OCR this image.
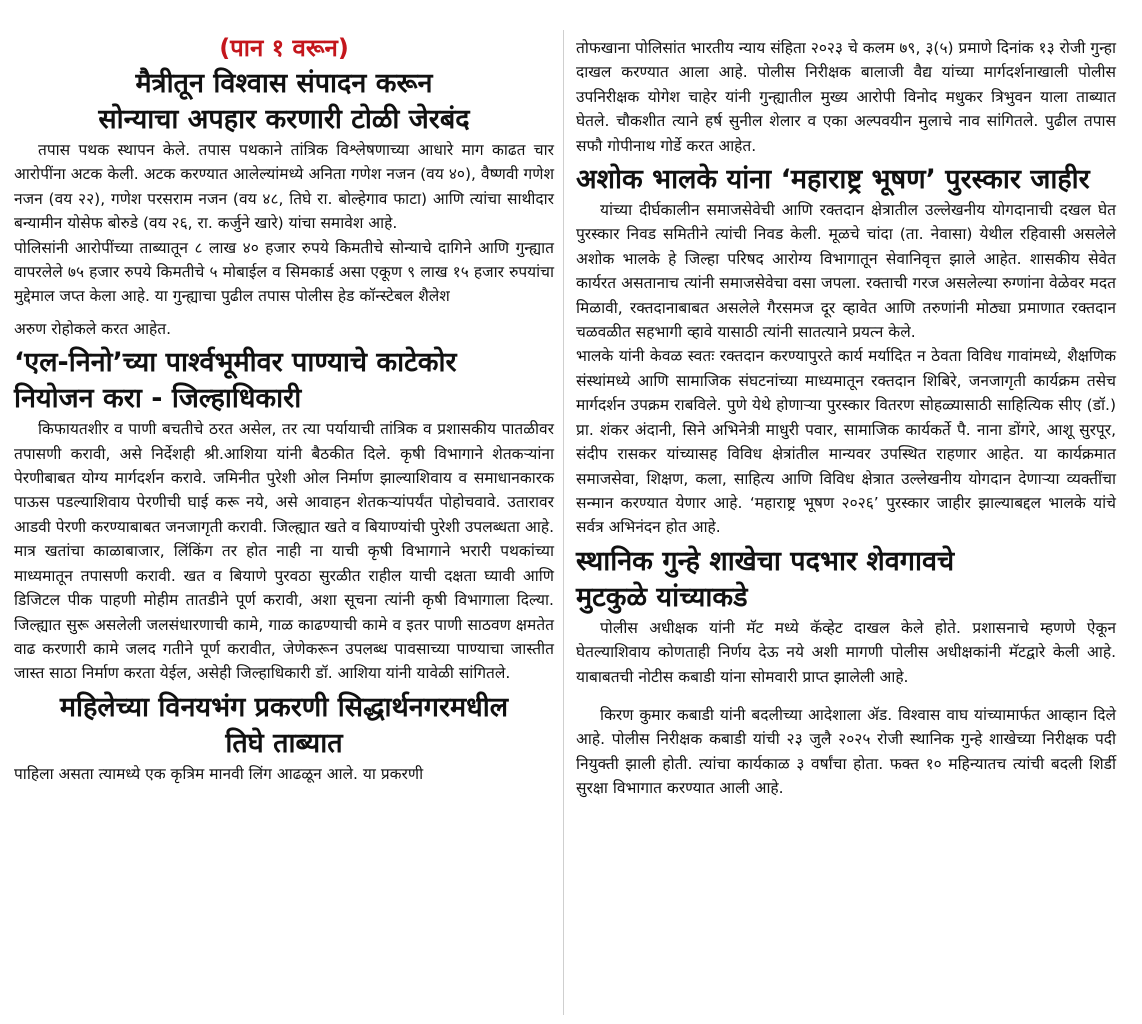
(पान १ वरून)

मैत्रीतून विश्वास संपादन करून
सोन्याचा अपहार करणारी टोळी जेरबंद

तपास पथक स्थापन केले. तपास पथकाने तांत्रिक विश्लेषणाच्या आधारे माग काढत चार आरोपींना अटक केली. अटक करण्यात आलेल्यांमध्ये अनिता गणेश नजन (वय ४०), वैष्णवी गणेश नजन (वय २२), गणेश परसराम नजन (वय ४८, तिघे रा. बोल्हेगाव फाटा) आणि त्यांचा साथीदार बन्यामीन योसेफ बोरुडे (वय २६, रा. कर्जुने खारे) यांचा समावेश आहे.

पोलिसांनी आरोपींच्या ताब्यातून ८ लाख ४० हजार रुपये किमतीचे सोन्याचे दागिने आणि गुन्ह्यात वापरलेले ७५ हजार रुपये किमतीचे ५ मोबाईल व सिमकार्ड असा एकूण ९ लाख १५ हजार रुपयांचा मुद्देमाल जप्त केला आहे. या गुन्ह्याचा पुढील तपास पोलीस हेड कॉन्स्टेबल शैलेश

अरुण रोहोकले करत आहेत.

‘एल-निनो’च्या पार्श्वभूमीवर पाण्याचे काटेकोर
नियोजन करा - जिल्हाधिकारी

किफायतशीर व पाणी बचतीचे ठरत असेल, तर त्या पर्यायाची तांत्रिक व प्रशासकीय पातळीवर तपासणी करावी, असे निर्देशही श्री.आशिया यांनी बैठकीत दिले. कृषी विभागाने शेतकऱ्यांना पेरणीबाबत योग्य मार्गदर्शन करावे. जमिनीत पुरेशी ओल निर्माण झाल्याशिवाय व समाधानकारक पाऊस पडल्याशिवाय पेरणीची घाई करू नये, असे आवाहन शेतकऱ्यांपर्यंत पोहोचवावे. उतारावर आडवी पेरणी करण्याबाबत जनजागृती करावी. जिल्ह्यात खते व बियाण्यांची पुरेशी उपलब्धता आहे. मात्र खतांचा काळाबाजार, लिंकिंग तर होत नाही ना याची कृषी विभागाने भरारी पथकांच्या माध्यमातून तपासणी करावी. खत व बियाणे पुरवठा सुरळीत राहील याची दक्षता घ्यावी आणि डिजिटल पीक पाहणी मोहीम तातडीने पूर्ण करावी, अशा सूचना त्यांनी कृषी विभागाला दिल्या. जिल्ह्यात सुरू असलेली जलसंधारणाची कामे, गाळ काढण्याची कामे व इतर पाणी साठवण क्षमतेत वाढ करणारी कामे जलद गतीने पूर्ण करावीत, जेणेकरून उपलब्ध पावसाच्या पाण्याचा जास्तीत जास्त साठा निर्माण करता येईल, असेही जिल्हाधिकारी डॉ. आशिया यांनी यावेळी सांगितले.

महिलेच्या विनयभंग प्रकरणी सिद्धार्थनगरमधील
तिघे ताब्यात

पाहिला असता त्यामध्ये एक कृत्रिम मानवी लिंग आढळून आले. या प्रकरणी

तोफखाना पोलिसांत भारतीय न्याय संहिता २०२३ चे कलम ७९, ३(५) प्रमाणे दिनांक १३ रोजी गुन्हा दाखल करण्यात आला आहे. पोलीस निरीक्षक बालाजी वैद्य यांच्या मार्गदर्शनाखाली पोलीस उपनिरीक्षक योगेश चाहेर यांनी गुन्ह्यातील मुख्य आरोपी विनोद मधुकर त्रिभुवन याला ताब्यात घेतले. चौकशीत त्याने हर्ष सुनील शेलार व एका अल्पवयीन मुलाचे नाव सांगितले. पुढील तपास सफौ गोपीनाथ गोर्डे करत आहेत.

अशोक भालके यांना ‘महाराष्ट्र भूषण’ पुरस्कार जाहीर

यांच्या दीर्घकालीन समाजसेवेची आणि रक्तदान क्षेत्रातील उल्लेखनीय योगदानाची दखल घेत पुरस्कार निवड समितीने त्यांची निवड केली. मूळचे चांदा (ता. नेवासा) येथील रहिवासी असलेले अशोक भालके हे जिल्हा परिषद आरोग्य विभागातून सेवानिवृत्त झाले आहेत. शासकीय सेवेत कार्यरत असतानाच त्यांनी समाजसेवेचा वसा जपला. रक्ताची गरज असलेल्या रुग्णांना वेळेवर मदत मिळावी, रक्तदानाबाबत असलेले गैरसमज दूर व्हावेत आणि तरुणांनी मोठ्या प्रमाणात रक्तदान चळवळीत सहभागी व्हावे यासाठी त्यांनी सातत्याने प्रयत्न केले.

भालके यांनी केवळ स्वतः रक्तदान करण्यापुरते कार्य मर्यादित न ठेवता विविध गावांमध्ये, शैक्षणिक संस्थांमध्ये आणि सामाजिक संघटनांच्या माध्यमातून रक्तदान शिबिरे, जनजागृती कार्यक्रम तसेच मार्गदर्शन उपक्रम राबविले. पुणे येथे होणाऱ्या पुरस्कार वितरण सोहळ्यासाठी साहित्यिक सीए (डॉ.) प्रा. शंकर अंदानी, सिने अभिनेत्री माधुरी पवार, सामाजिक कार्यकर्ते पै. नाना डोंगरे, आशू सुरपूर, संदीप रासकर यांच्यासह विविध क्षेत्रांतील मान्यवर उपस्थित राहणार आहेत. या कार्यक्रमात समाजसेवा, शिक्षण, कला, साहित्य आणि विविध क्षेत्रात उल्लेखनीय योगदान देणाऱ्या व्यक्तींचा सन्मान करण्यात येणार आहे. ‘महाराष्ट्र भूषण २०२६’ पुरस्कार जाहीर झाल्याबद्दल भालके यांचे सर्वत्र अभिनंदन होत आहे.

स्थानिक गुन्हे शाखेचा पदभार शेवगावचे
मुटकुळे यांच्याकडे

पोलीस अधीक्षक यांनी मॅट मध्ये कॅव्हेट दाखल केले होते. प्रशासनाचे म्हणणे ऐकून घेतल्याशिवाय कोणताही निर्णय देऊ नये अशी मागणी पोलीस अधीक्षकांनी मॅटद्वारे केली आहे. याबाबतची नोटीस कबाडी यांना सोमवारी प्राप्त झालेली आहे.

किरण कुमार कबाडी यांनी बदलीच्या आदेशाला ॲड. विश्वास वाघ यांच्यामार्फत आव्हान दिले आहे. पोलीस निरीक्षक कबाडी यांची २३ जुलै २०२५ रोजी स्थानिक गुन्हे शाखेच्या निरीक्षक पदी नियुक्ती झाली होती. त्यांचा कार्यकाळ ३ वर्षांचा होता. फक्त १० महिन्यातच त्यांची बदली शिर्डी सुरक्षा विभागात करण्यात आली आहे.
